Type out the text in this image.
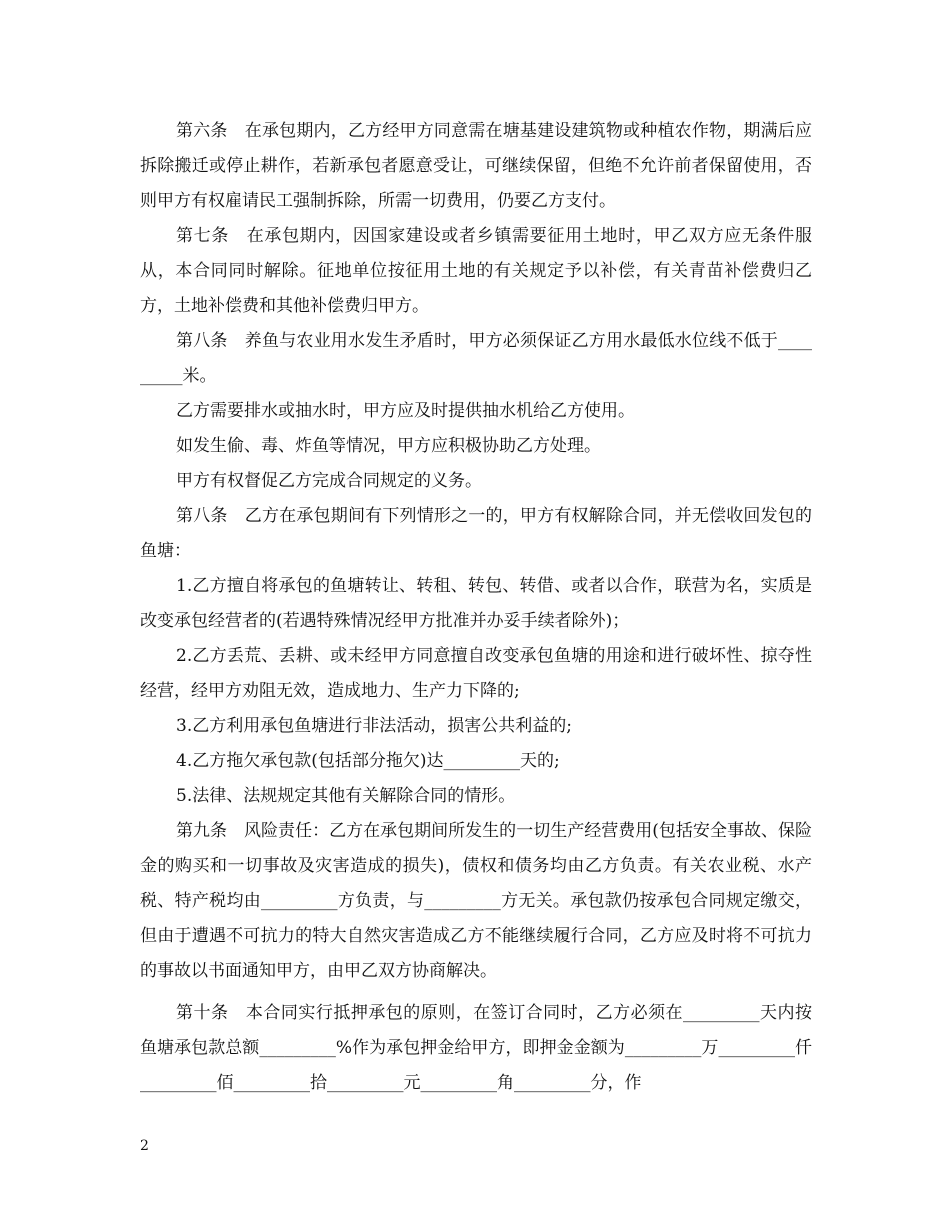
第六条　在承包期内，乙方经甲方同意需在塘基建设建筑物或种植农作物，期满后应拆除搬迁或停止耕作，若新承包者愿意受让，可继续保留，但绝不允许前者保留使用，否则甲方有权雇请民工强制拆除，所需一切费用，仍要乙方支付。

第七条　在承包期内，因国家建设或者乡镇需要征用土地时，甲乙双方应无条件服从，本合同同时解除。征地单位按征用土地的有关规定予以补偿，有关青苗补偿费归乙方，土地补偿费和其他补偿费归甲方。

第八条　养鱼与农业用水发生矛盾时，甲方必须保证乙方用水最低水位线不低于_________米。

乙方需要排水或抽水时，甲方应及时提供抽水机给乙方使用。

如发生偷、毒、炸鱼等情况，甲方应积极协助乙方处理。

甲方有权督促乙方完成合同规定的义务。

第八条　乙方在承包期间有下列情形之一的，甲方有权解除合同，并无偿收回发包的鱼塘：

1.乙方擅自将承包的鱼塘转让、转租、转包、转借、或者以合作，联营为名，实质是改变承包经营者的(若遇特殊情况经甲方批准并办妥手续者除外)；

2.乙方丢荒、丢耕、或未经甲方同意擅自改变承包鱼塘的用途和进行破坏性、掠夺性经营，经甲方劝阻无效，造成地力、生产力下降的;

3.乙方利用承包鱼塘进行非法活动，损害公共利益的;

4.乙方拖欠承包款(包括部分拖欠)达_________天的;

5.法律、法规规定其他有关解除合同的情形。

第九条　风险责任：乙方在承包期间所发生的一切生产经营费用(包括安全事故、保险金的购买和一切事故及灾害造成的损失)，债权和债务均由乙方负责。有关农业税、水产税、特产税均由_________方负责，与_________方无关。承包款仍按承包合同规定缴交，但由于遭遇不可抗力的特大自然灾害造成乙方不能继续履行合同，乙方应及时将不可抗力的事故以书面通知甲方，由甲乙双方协商解决。

第十条　本合同实行抵押承包的原则，在签订合同时，乙方必须在_________天内按鱼塘承包款总额_________%作为承包押金给甲方，即押金金额为_________万_________仟_________佰_________拾_________元_________角_________分，作

2
